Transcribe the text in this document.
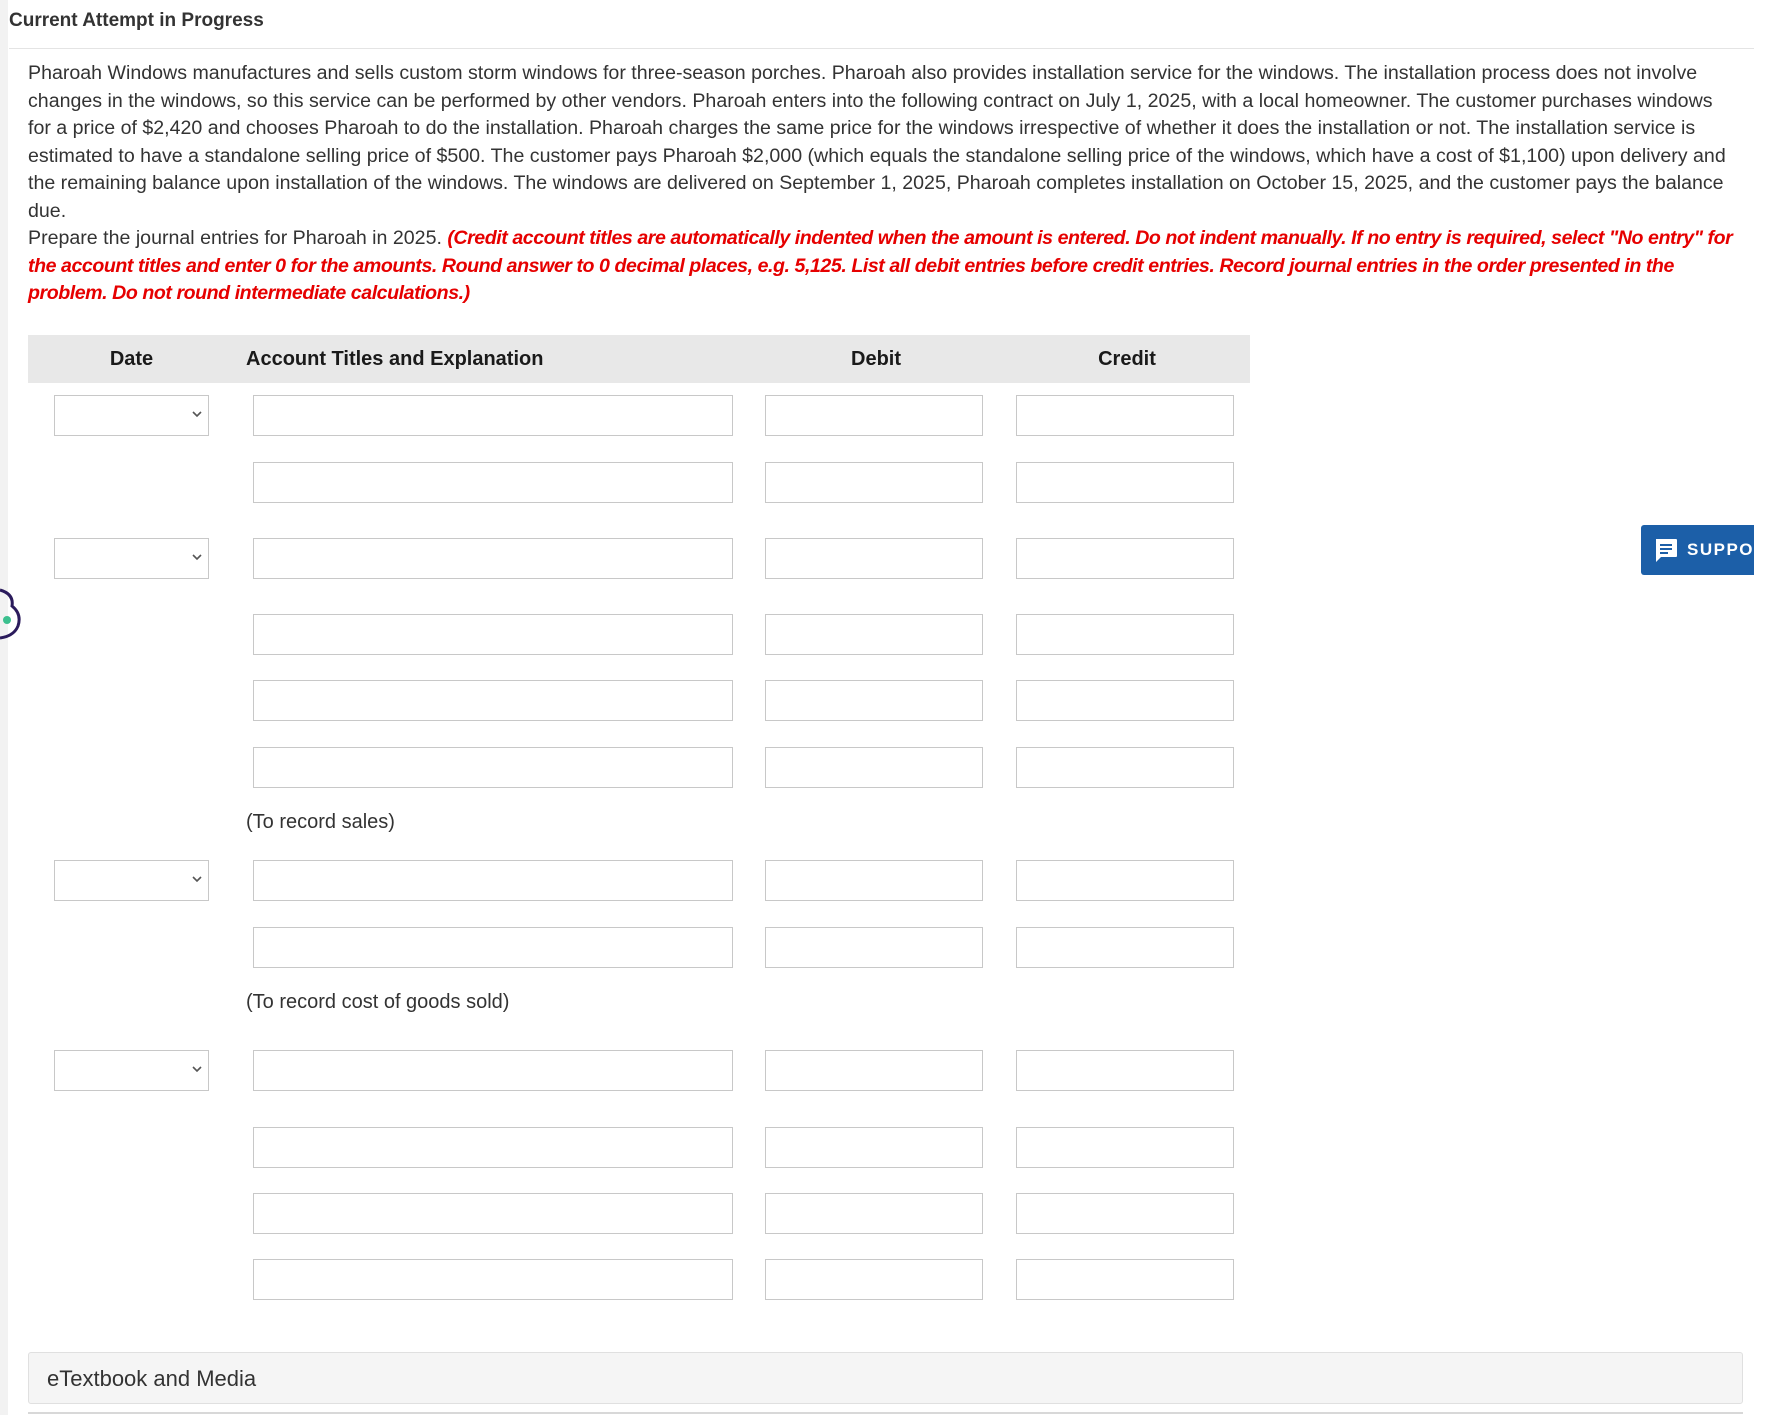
Current Attempt in Progress

Pharoah Windows manufactures and sells custom storm windows for three-season porches. Pharoah also provides installation service for the windows. The installation process does not involve changes in the windows, so this service can be performed by other vendors. Pharoah enters into the following contract on July 1, 2025, with a local homeowner. The customer purchases windows for a price of $2,420 and chooses Pharoah to do the installation. Pharoah charges the same price for the windows irrespective of whether it does the installation or not. The installation service is estimated to have a standalone selling price of $500. The customer pays Pharoah $2,000 (which equals the standalone selling price of the windows, which have a cost of $1,100) upon delivery and the remaining balance upon installation of the windows. The windows are delivered on September 1, 2025, Pharoah completes installation on October 15, 2025, and the customer pays the balance due.

Prepare the journal entries for Pharoah in 2025. (Credit account titles are automatically indented when the amount is entered. Do not indent manually. If no entry is required, select "No entry" for the account titles and enter 0 for the amounts. Round answer to 0 decimal places, e.g. 5,125. List all debit entries before credit entries. Record journal entries in the order presented in the problem. Do not round intermediate calculations.)

Date	Account Titles and Explanation	Debit	Credit
(To record sales)
(To record cost of goods sold)
SUPPORT
eTextbook and Media
